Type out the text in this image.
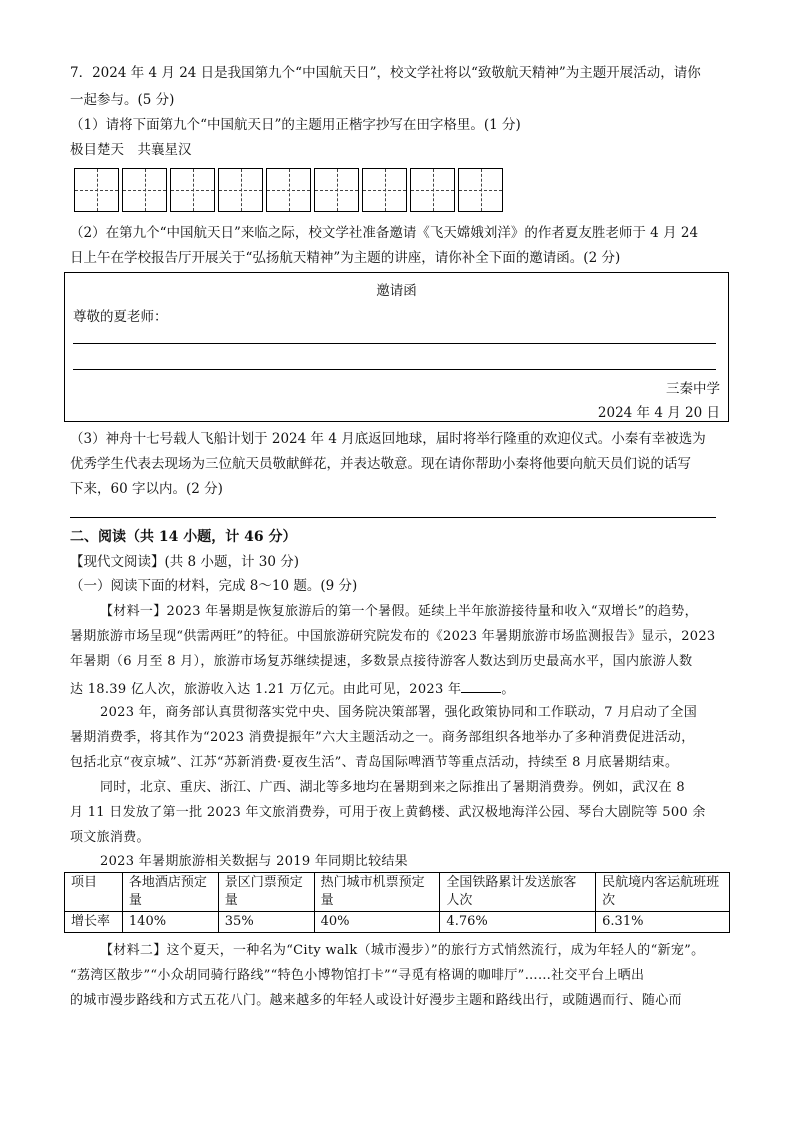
7．2024 年 4 月 24 日是我国第九个“中国航天日”，校文学社将以“致敬航天精神”为主题开展活动，请你
一起参与。(5 分)
（1）请将下面第九个“中国航天日”的主题用正楷字抄写在田字格里。(1 分)
极目楚天　共襄星汉
（2）在第九个“中国航天日”来临之际，校文学社准备邀请《飞天嫦娥刘洋》的作者夏友胜老师于 4 月 24
日上午在学校报告厅开展关于“弘扬航天精神”为主题的讲座，请你补全下面的邀请函。(2 分)
邀请函
尊敬的夏老师：
三秦中学
2024 年 4 月 20 日
（3）神舟十七号载人飞船计划于 2024 年 4 月底返回地球，届时将举行隆重的欢迎仪式。小秦有幸被选为
优秀学生代表去现场为三位航天员敬献鲜花，并表达敬意。现在请你帮助小秦将他要向航天员们说的话写
下来，60 字以内。(2 分)
二、阅读（共 14 小题，计 46 分）
【现代文阅读】(共 8 小题，计 30 分)
（一）阅读下面的材料，完成 8～10 题。(9 分)
【材料一】2023 年暑期是恢复旅游后的第一个暑假。延续上半年旅游接待量和收入“双增长”的趋势，
暑期旅游市场呈现“供需两旺”的特征。中国旅游研究院发布的《2023 年暑期旅游市场监测报告》显示，2023
年暑期（6 月至 8 月），旅游市场复苏继续提速，多数景点接待游客人数达到历史最高水平，国内旅游人数
达 18.39 亿人次，旅游收入达 1.21 万亿元。由此可见，2023 年	。
2023 年，商务部认真贯彻落实党中央、国务院决策部署，强化政策协同和工作联动，7 月启动了全国
暑期消费季，将其作为“2023 消费提振年”六大主题活动之一。商务部组织各地举办了多种消费促进活动，
包括北京“夜京城”、江苏“苏新消费·夏夜生活”、青岛国际啤酒节等重点活动，持续至 8 月底暑期结束。
同时，北京、重庆、浙江、广西、湖北等多地均在暑期到来之际推出了暑期消费券。例如，武汉在 8
月 11 日发放了第一批 2023 年文旅消费券，可用于夜上黄鹤楼、武汉极地海洋公园、琴台大剧院等 500 余
项文旅消费。
2023 年暑期旅游相关数据与 2019 年同期比较结果
项目	各地酒店预定量	景区门票预定量	热门城市机票预定量	全国铁路累计发送旅客人次	民航境内客运航班班次
增长率	140%	35%	40%	4.76%	6.31%
【材料二】这个夏天，一种名为“City walk（城市漫步）”的旅行方式悄然流行，成为年轻人的“新宠”。
“荔湾区散步”“小众胡同骑行路线”“特色小博物馆打卡”“寻觅有格调的咖啡厅”……社交平台上晒出
的城市漫步路线和方式五花八门。越来越多的年轻人或设计好漫步主题和路线出行，或随遇而行、随心而
